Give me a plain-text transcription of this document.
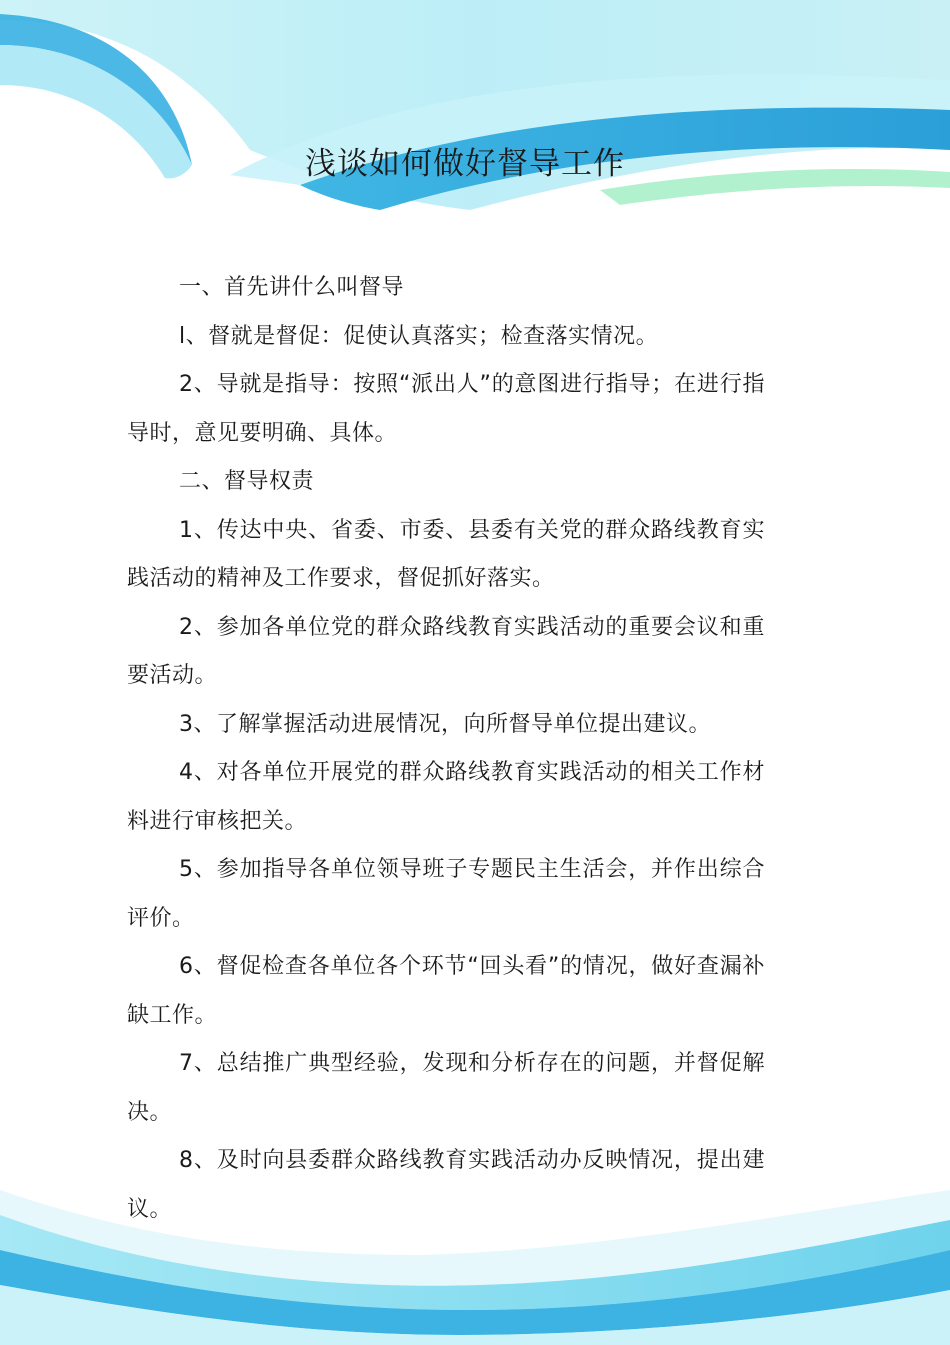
浅谈如何做好督导工作

一、首先讲什么叫督导

l、督就是督促：促使认真落实；检查落实情况。

2、导就是指导：按照“派出人”的意图进行指导；在进行指导时，意见要明确、具体。

二、督导权责

1、传达中央、省委、市委、县委有关党的群众路线教育实践活动的精神及工作要求，督促抓好落实。

2、参加各单位党的群众路线教育实践活动的重要会议和重要活动。

3、了解掌握活动进展情况，向所督导单位提出建议。

4、对各单位开展党的群众路线教育实践活动的相关工作材料进行审核把关。

5、参加指导各单位领导班子专题民主生活会，并作出综合评价。

6、督促检查各单位各个环节“回头看”的情况，做好查漏补缺工作。

7、总结推广典型经验，发现和分析存在的问题，并督促解决。

8、及时向县委群众路线教育实践活动办反映情况，提出建议。
